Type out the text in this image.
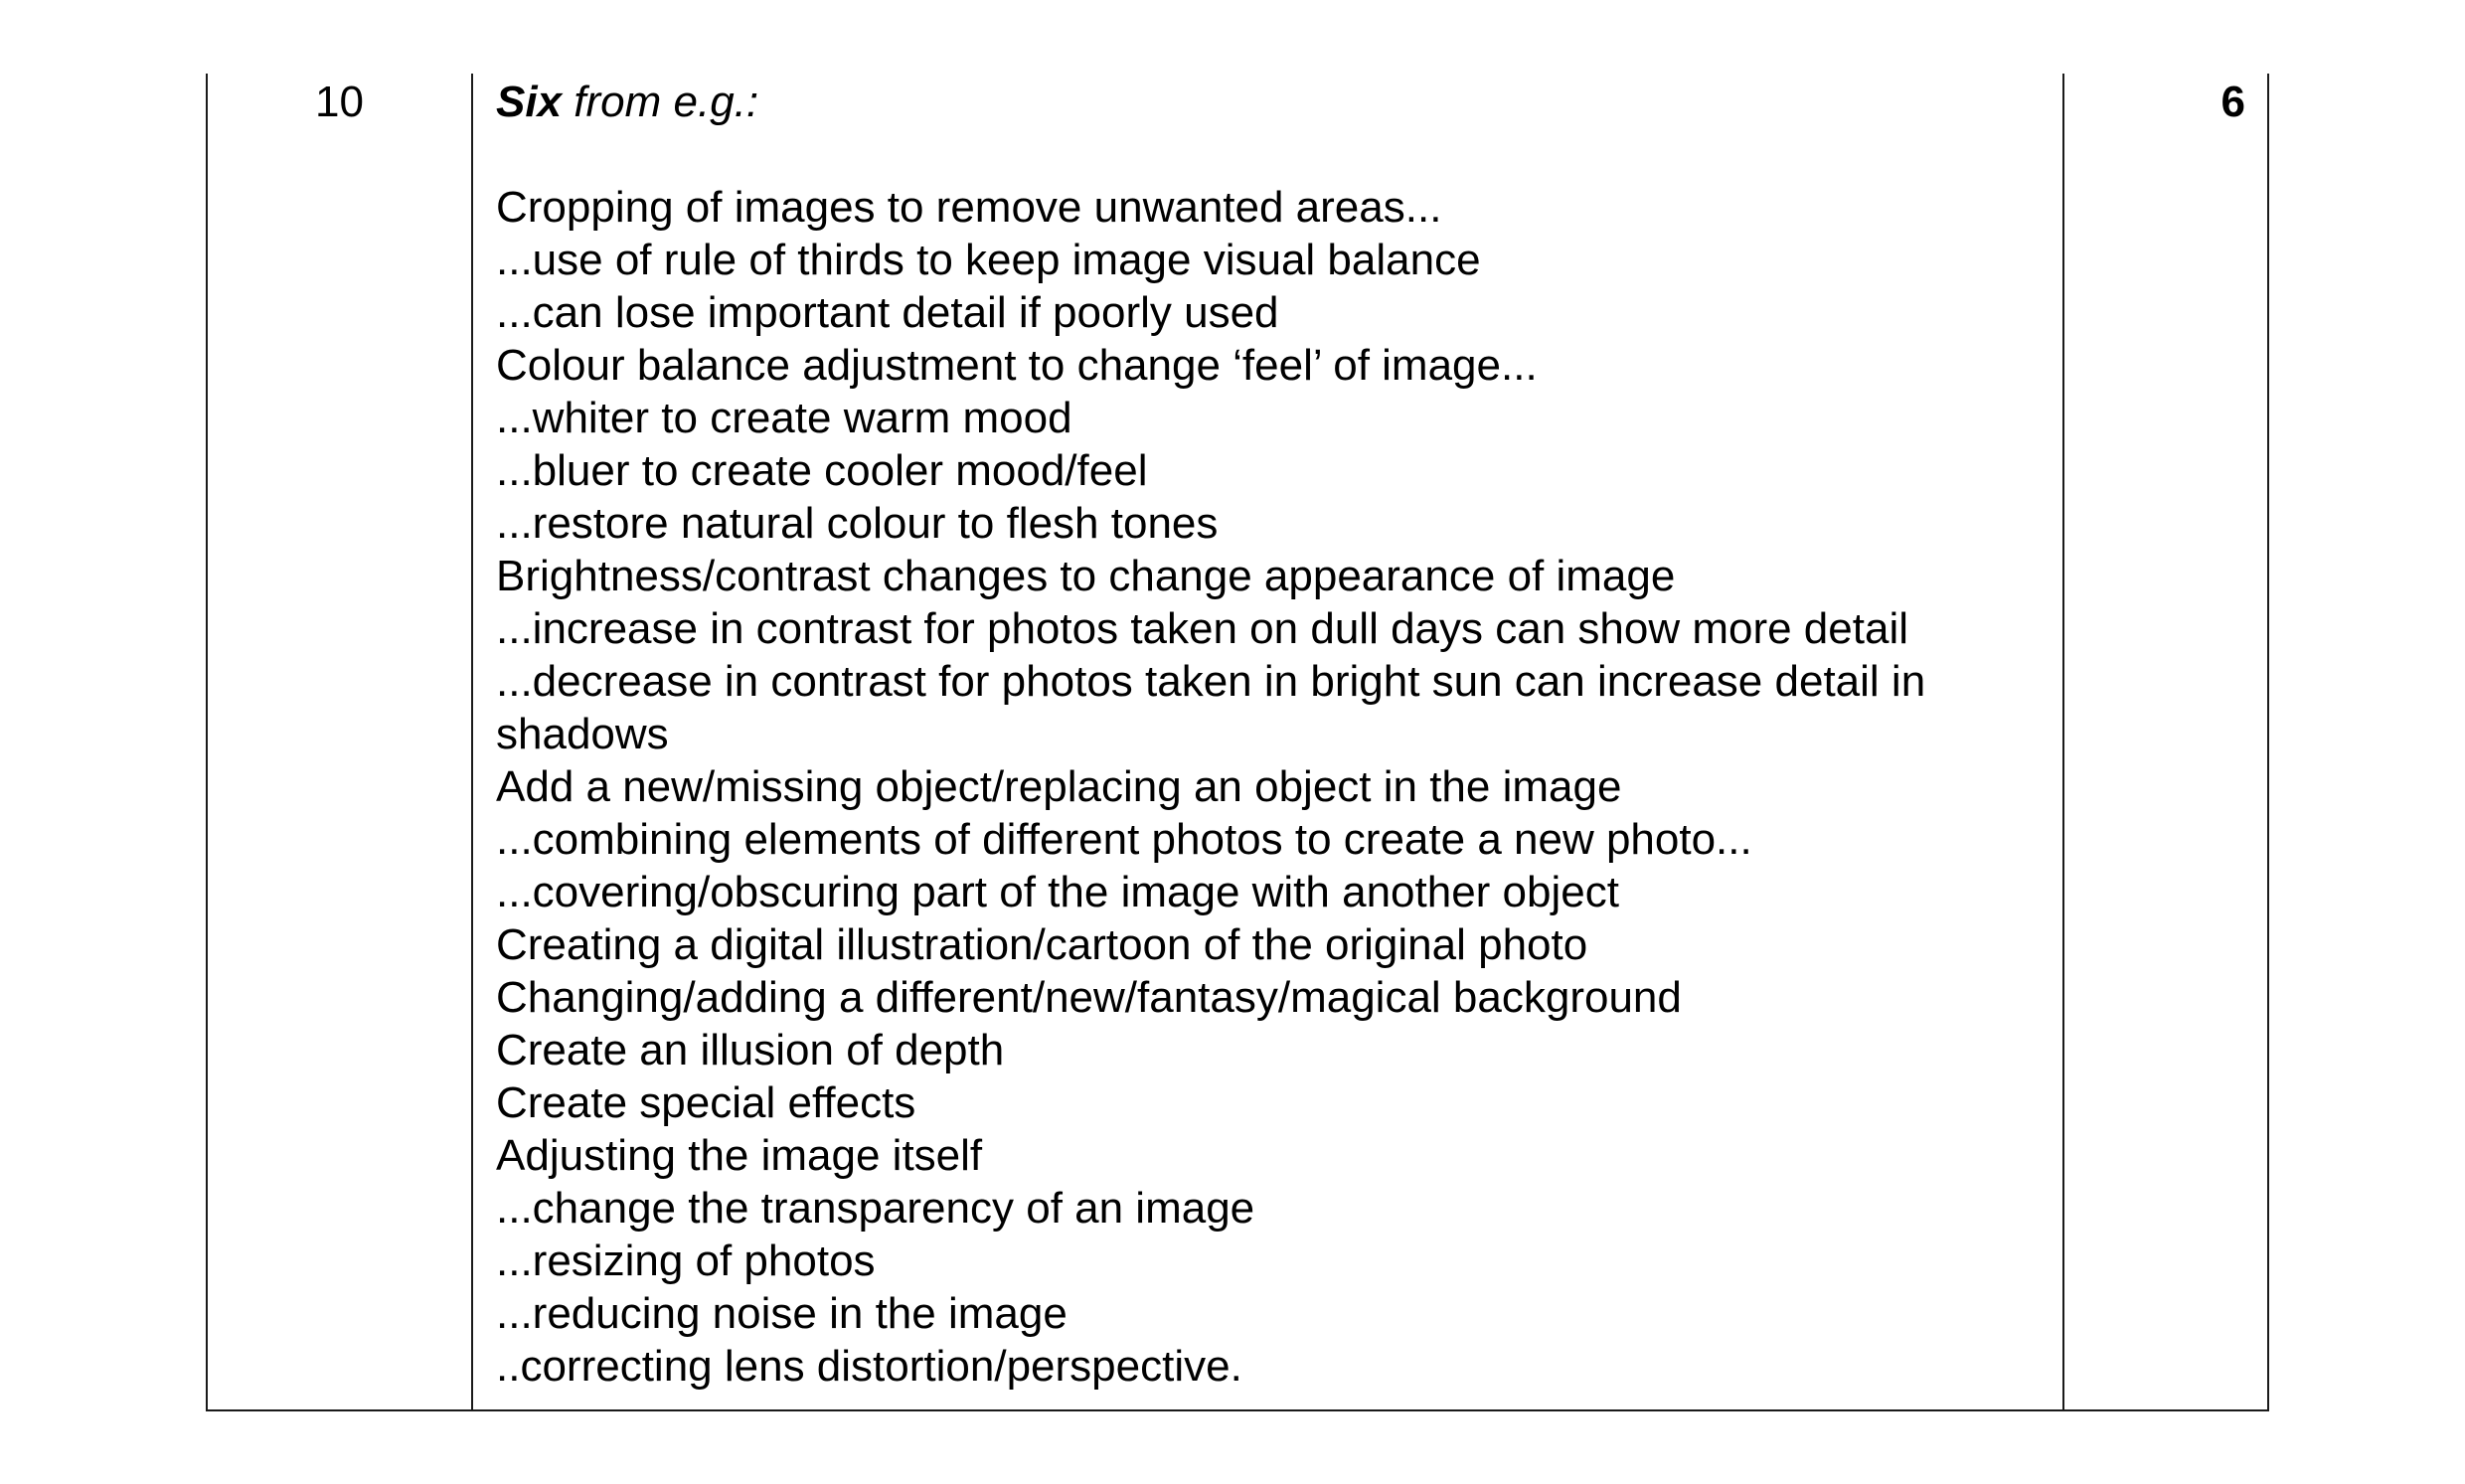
10	Six from e.g.:
Cropping of images to remove unwanted areas...
...use of rule of thirds to keep image visual balance
...can lose important detail if poorly used
Colour balance adjustment to change ‘feel’ of image...
...whiter to create warm mood
...bluer to create cooler mood/feel
...restore natural colour to flesh tones
Brightness/contrast changes to change appearance of image
...increase in contrast for photos taken on dull days can show more detail
...decrease in contrast for photos taken in bright sun can increase detail in shadows
Add a new/missing object/replacing an object in the image
...combining elements of different photos to create a new photo...
...covering/obscuring part of the image with another object
Creating a digital illustration/cartoon of the original photo
Changing/adding a different/new/fantasy/magical background
Create an illusion of depth
Create special effects
Adjusting the image itself
...change the transparency of an image
...resizing of photos
...reducing noise in the image
..correcting lens distortion/perspective.
6
